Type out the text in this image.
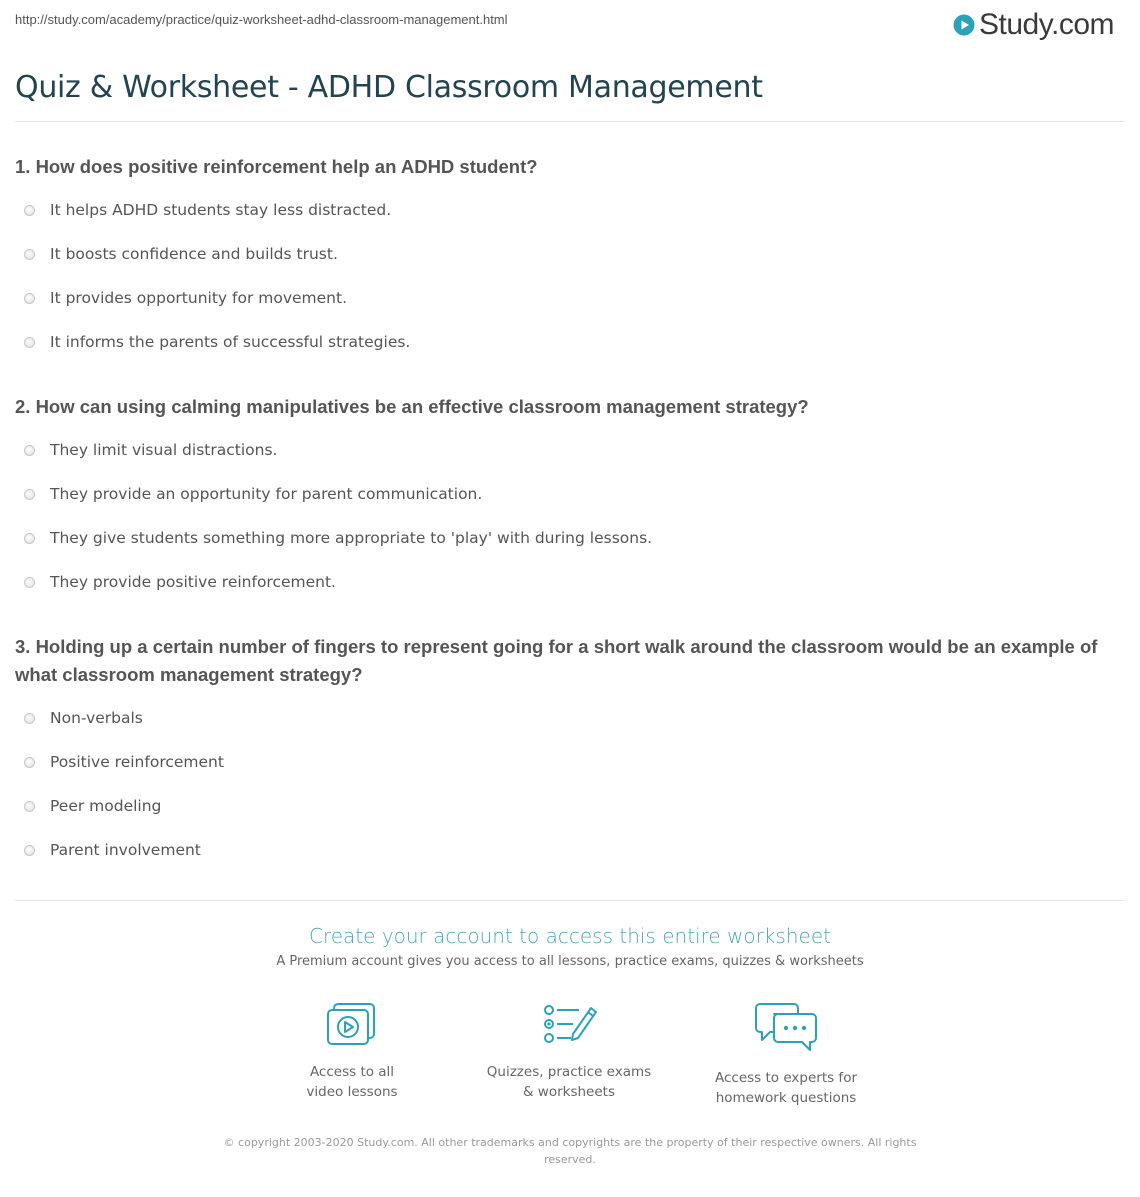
http://study.com/academy/practice/quiz-worksheet-adhd-classroom-management.html	Study.com
Quiz & Worksheet - ADHD Classroom Management
1. How does positive reinforcement help an ADHD student?
It helps ADHD students stay less distracted.
It boosts confidence and builds trust.
It provides opportunity for movement.
It informs the parents of successful strategies.
2. How can using calming manipulatives be an effective classroom management strategy?
They limit visual distractions.
They provide an opportunity for parent communication.
They give students something more appropriate to 'play' with during lessons.
They provide positive reinforcement.
3. Holding up a certain number of fingers to represent going for a short walk around the classroom would be an example of what classroom management strategy?
Non-verbals
Positive reinforcement
Peer modeling
Parent involvement
Create your account to access this entire worksheet
A Premium account gives you access to all lessons, practice exams, quizzes & worksheets
Access to all
video lessons
Quizzes, practice exams
& worksheets
Access to experts for
homework questions
© copyright 2003-2020 Study.com. All other trademarks and copyrights are the property of their respective owners. All rights reserved.
